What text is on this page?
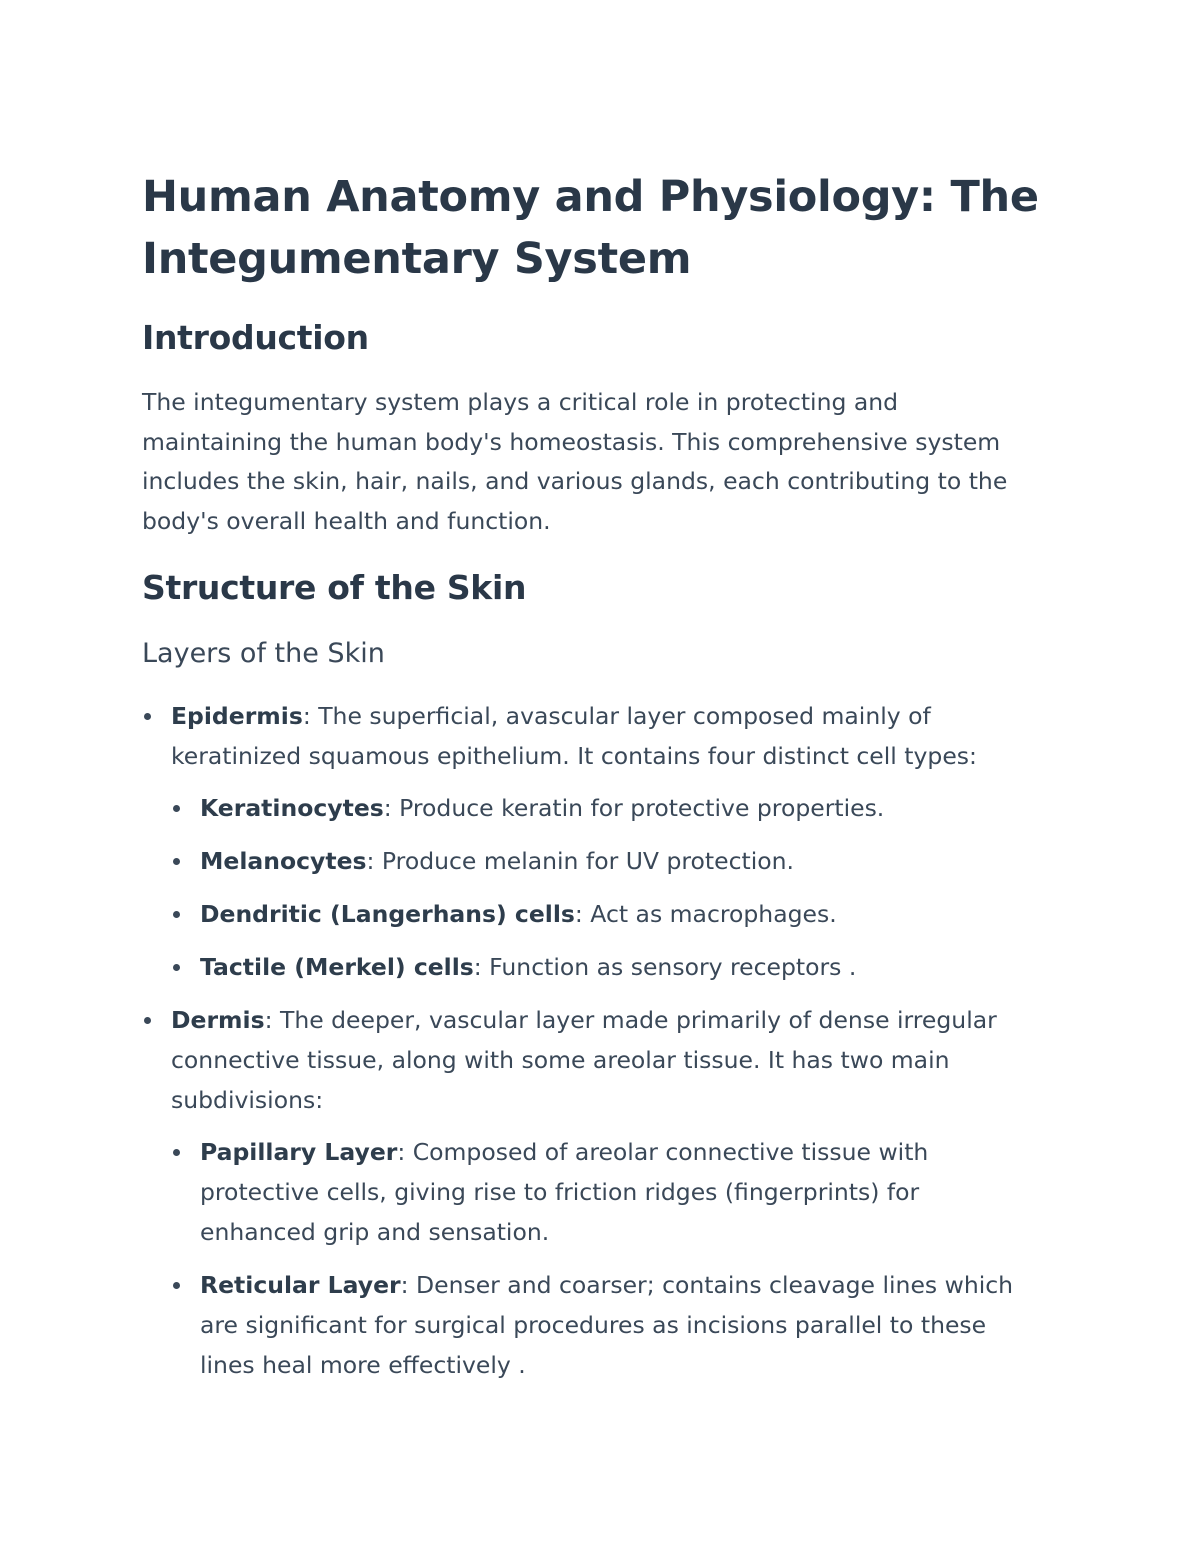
Human Anatomy and Physiology: The Integumentary System
Introduction

The integumentary system plays a critical role in protecting and maintaining the human body's homeostasis. This comprehensive system includes the skin, hair, nails, and various glands, each contributing to the body's overall health and function.

Structure of the Skin
Layers of the Skin
Epidermis: The superficial, avascular layer composed mainly of keratinized squamous epithelium. It contains four distinct cell types:
Keratinocytes: Produce keratin for protective properties.
Melanocytes: Produce melanin for UV protection.
Dendritic (Langerhans) cells: Act as macrophages.
Tactile (Merkel) cells: Function as sensory receptors .
Dermis: The deeper, vascular layer made primarily of dense irregular connective tissue, along with some areolar tissue. It has two main subdivisions:
Papillary Layer: Composed of areolar connective tissue with protective cells, giving rise to friction ridges (fingerprints) for enhanced grip and sensation.
Reticular Layer: Denser and coarser; contains cleavage lines which are significant for surgical procedures as incisions parallel to these lines heal more effectively .
